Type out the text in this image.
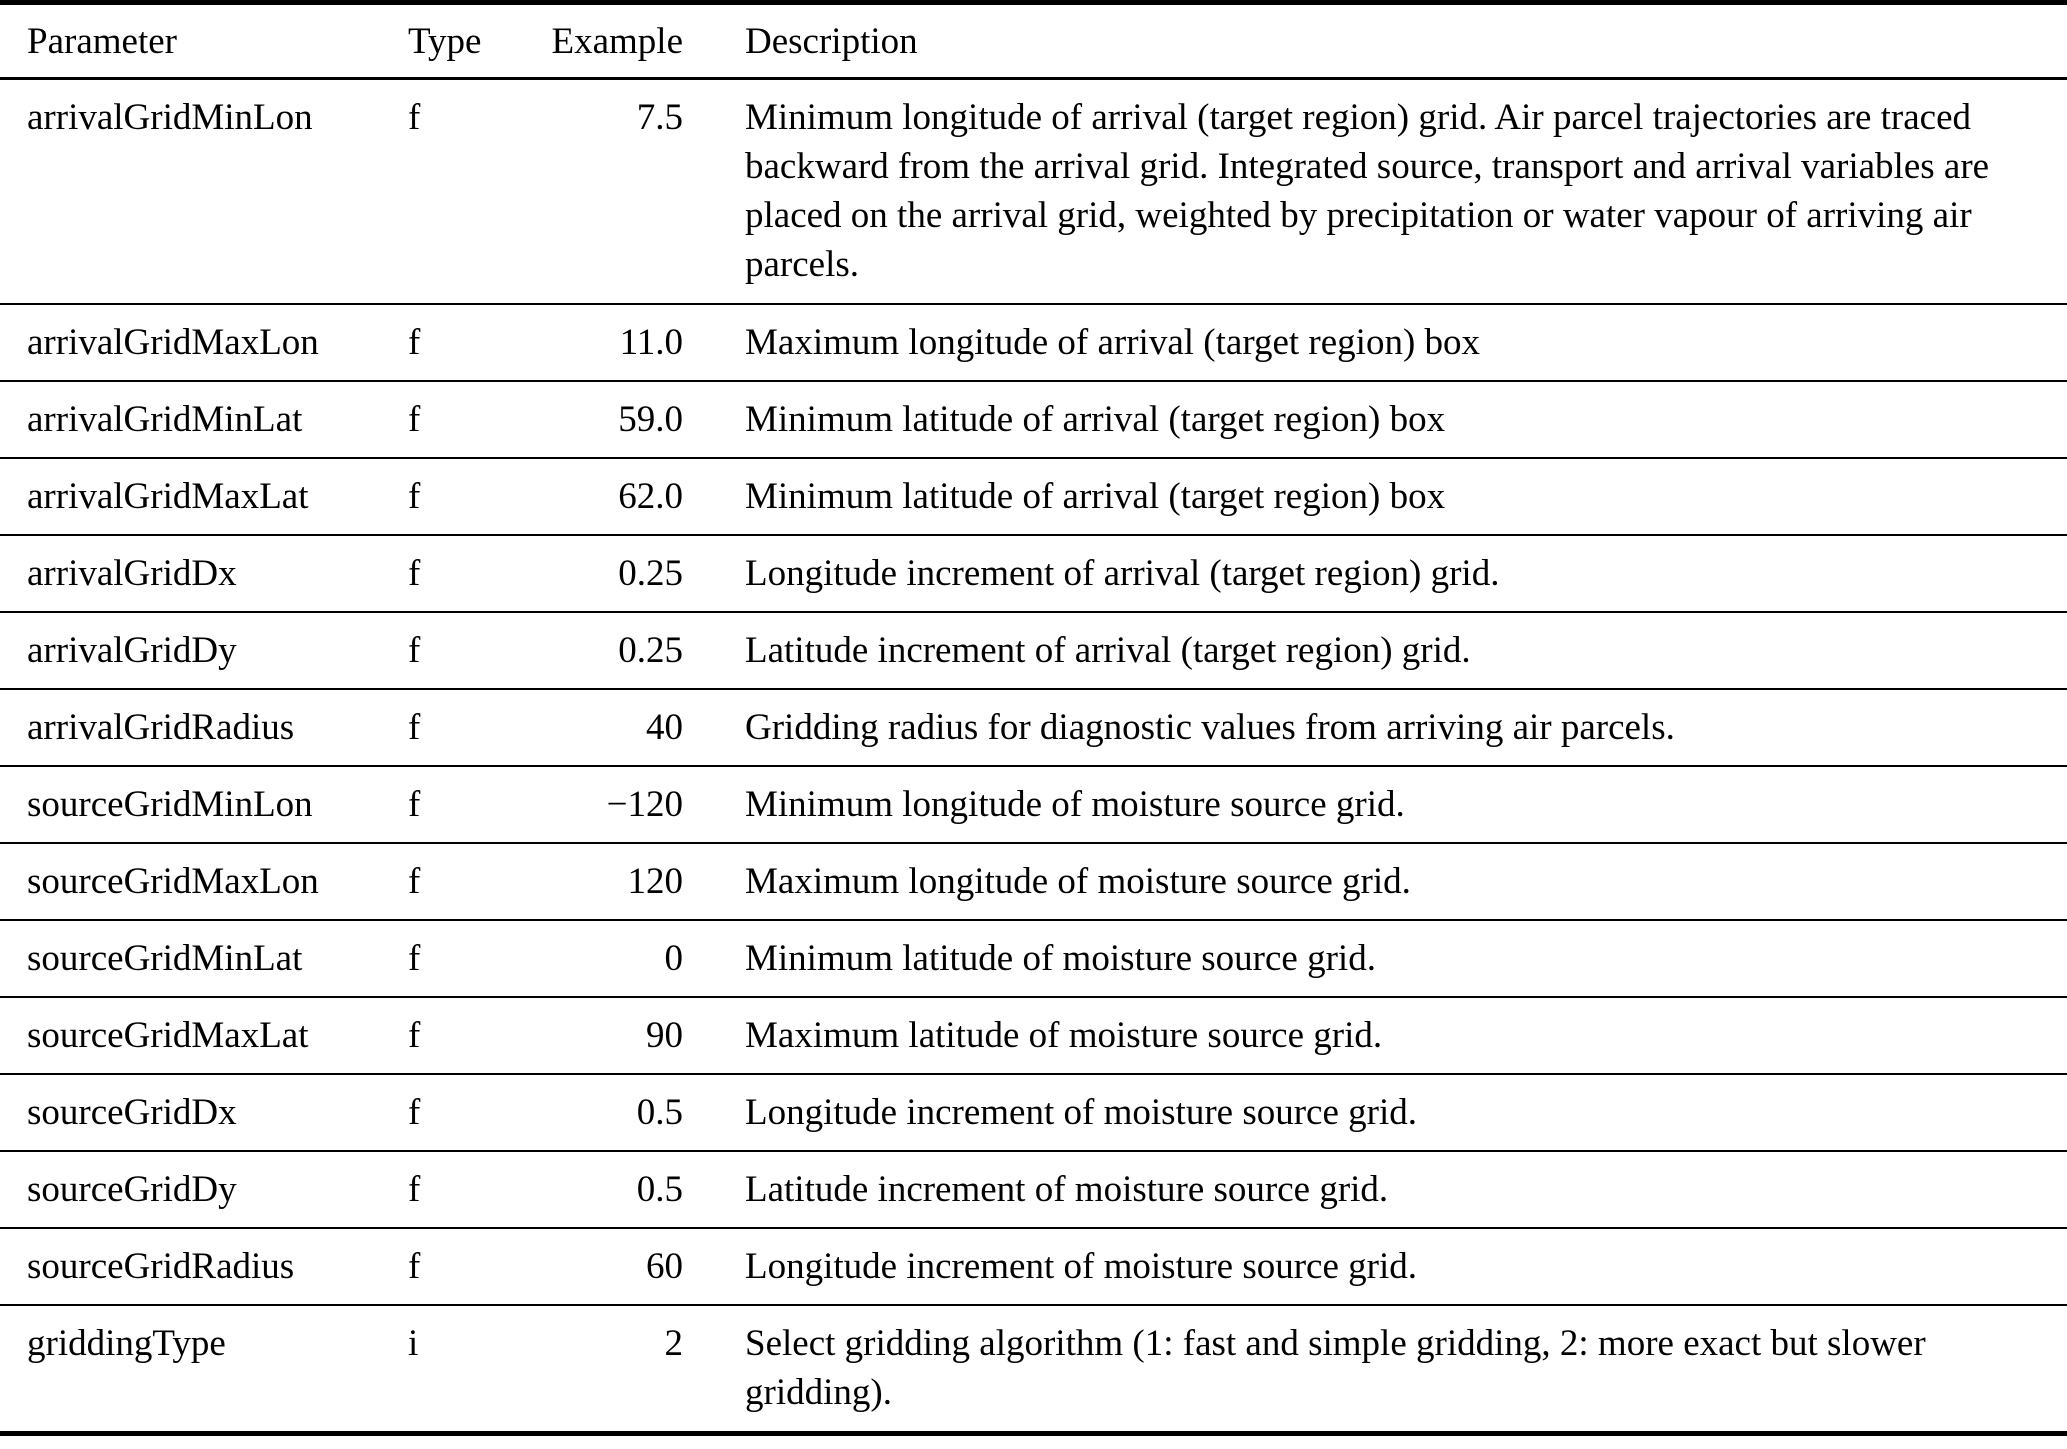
Parameter	Type	Example	Description
arrivalGridMinLon	f	7.5	Minimum longitude of arrival (target region) grid. Air parcel trajectories are traced backward from the arrival grid. Integrated source, transport and arrival variables are placed on the arrival grid, weighted by precipitation or water vapour of arriving air parcels.
arrivalGridMaxLon	f	11.0	Maximum longitude of arrival (target region) box
arrivalGridMinLat	f	59.0	Minimum latitude of arrival (target region) box
arrivalGridMaxLat	f	62.0	Minimum latitude of arrival (target region) box
arrivalGridDx	f	0.25	Longitude increment of arrival (target region) grid.
arrivalGridDy	f	0.25	Latitude increment of arrival (target region) grid.
arrivalGridRadius	f	40	Gridding radius for diagnostic values from arriving air parcels.
sourceGridMinLon	f	−120	Minimum longitude of moisture source grid.
sourceGridMaxLon	f	120	Maximum longitude of moisture source grid.
sourceGridMinLat	f	0	Minimum latitude of moisture source grid.
sourceGridMaxLat	f	90	Maximum latitude of moisture source grid.
sourceGridDx	f	0.5	Longitude increment of moisture source grid.
sourceGridDy	f	0.5	Latitude increment of moisture source grid.
sourceGridRadius	f	60	Longitude increment of moisture source grid.
griddingType	i	2	Select gridding algorithm (1: fast and simple gridding, 2: more exact but slower gridding).
